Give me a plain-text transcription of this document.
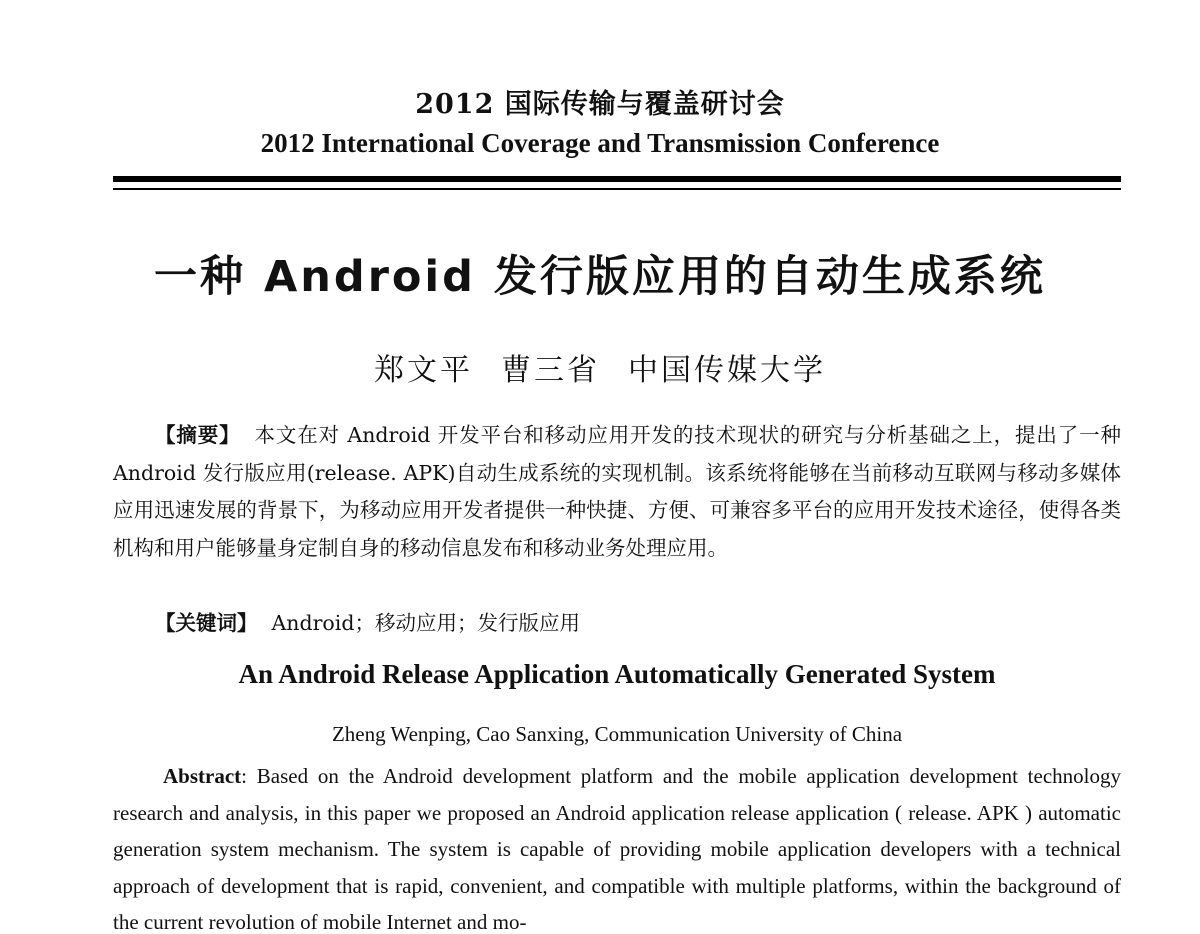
2012 国际传输与覆盖研讨会
2012 International Coverage and Transmission Conference
一种 Android 发行版应用的自动生成系统
郑文平 曹三省 中国传媒大学
【摘要】 本文在对 Android 开发平台和移动应用开发的技术现状的研究与分析基础之上，提出了一种 Android 发行版应用(release. APK)自动生成系统的实现机制。该系统将能够在当前移动互联网与移动多媒体应用迅速发展的背景下，为移动应用开发者提供一种快捷、方便、可兼容多平台的应用开发技术途径，使得各类机构和用户能够量身定制自身的移动信息发布和移动业务处理应用。
【关键词】 Android；移动应用；发行版应用
An Android Release Application Automatically Generated System
Zheng Wenping, Cao Sanxing, Communication University of China
Abstract: Based on the Android development platform and the mobile application development technology research and analysis, in this paper we proposed an Android application release application ( release. APK ) automatic generation system mechanism. The system is capable of providing mobile application developers with a technical approach of development that is rapid, convenient, and compatible with multiple platforms, within the background of the current revolution of mobile Internet and mo-
